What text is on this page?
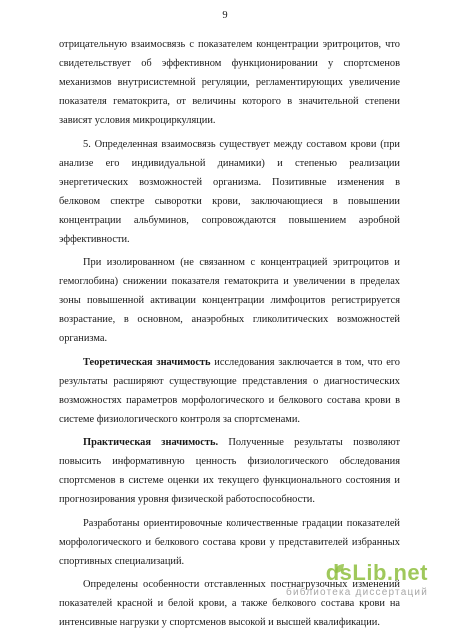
9

отрицательную взаимосвязь с показателем концентрации эритроцитов, что свидетельствует об эффективном функционировании у спортсменов механизмов внутрисистемной регуляции, регламентирующих увеличение показателя гематокрита, от величины которого в значительной степени зависят условия микроциркуляции.

5. Определенная взаимосвязь существует между составом крови (при анализе его индивидуальной динамики) и степенью реализации энергетических возможностей организма. Позитивные изменения в белковом спектре сыворотки крови, заключающиеся в повышении концентрации альбуминов, сопровождаются повышением аэробной эффективности.

При изолированном (не связанном с концентрацией эритроцитов и гемоглобина) снижении показателя гематокрита и увеличении в пределах зоны повышенной активации концентрации лимфоцитов регистрируется возрастание, в основном, анаэробных гликолитических возможностей организма.

Теоретическая значимость исследования заключается в том, что его результаты расширяют существующие представления о диагностических возможностях параметров морфологического и белкового состава крови в системе физиологического контроля за спортсменами.

Практическая значимость. Полученные результаты позволяют повысить информативную ценность физиологического обследования спортсменов в системе оценки их текущего функционального состояния и прогнозирования уровня физической работоспособности.

Разработаны ориентировочные количественные градации показателей морфологического и белкового состава крови у представителей избранных спортивных специализаций.

Определены особенности отставленных постнагрузочных изменений показателей красной и белой крови, а также белкового состава крови на интенсивные нагрузки у спортсменов высокой и высшей квалификации.

dsLib.net
библиотека диссертаций
